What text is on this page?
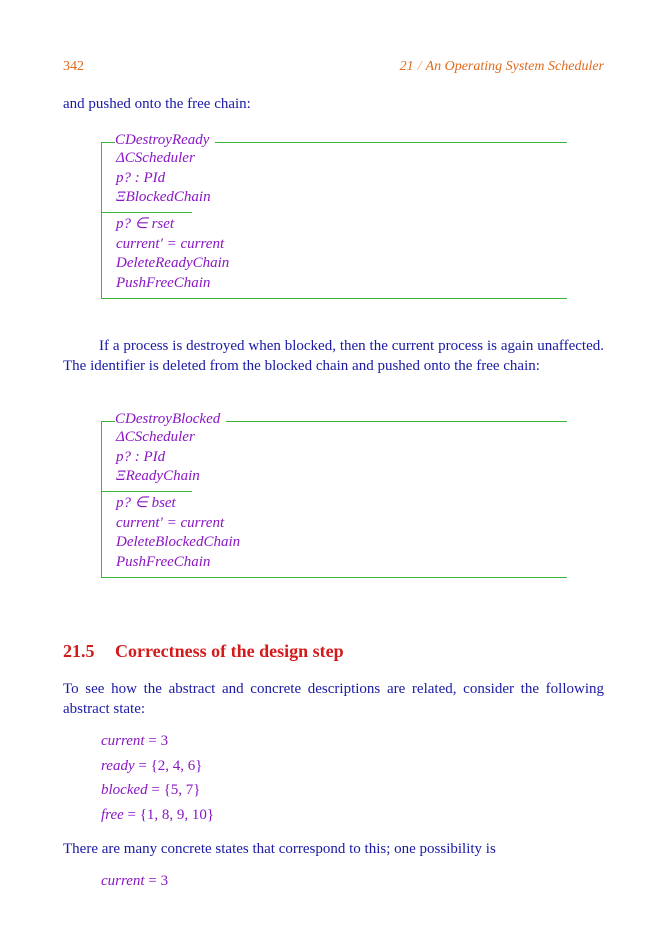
342	21 / An Operating System Scheduler

and pushed onto the free chain:

CDestroyReady
ΔCScheduler
p? : PId
ΞBlockedChain
p? ∈ rset
current′ = current
DeleteReadyChain
PushFreeChain

If a process is destroyed when blocked, then the current process is again unaffected. The identifier is deleted from the blocked chain and pushed onto the free chain:

CDestroyBlocked
ΔCScheduler
p? : PId
ΞReadyChain
p? ∈ bset
current′ = current
DeleteBlockedChain
PushFreeChain
21.5 Correctness of the design step

To see how the abstract and concrete descriptions are related, consider the following abstract state:

current = 3
ready = {2, 4, 6}
blocked = {5, 7}
free = {1, 8, 9, 10}

There are many concrete states that correspond to this; one possibility is

current = 3
